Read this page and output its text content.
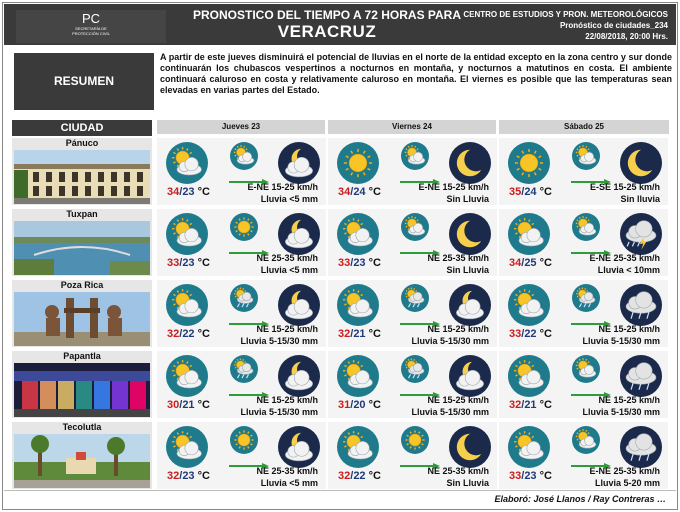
PC
SECRETARÍA DE
PROTECCIÓN CIVIL
PRONOSTICO DEL TIEMPO A 72 HORAS PARA
VERACRUZ
CENTRO DE ESTUDIOS Y PRON. METEOROLÓGICOS
Pronóstico de ciudades_234
22/08/2018, 20:00 Hrs.
RESUMEN
A partir de este jueves disminuirá el potencial de lluvias en el norte de la entidad excepto en la zona centro y sur donde continuarán los chubascos vespertinos a nocturnos en montaña, y nocturnos a matutinos en costa. El ambiente continuará caluroso en costa y relativamente caluroso en montaña. El viernes es posible que las temperaturas sean elevadas en varias partes del Estado.
CIUDAD	Jueves 23	Viernes 24	Sábado 25
Pánuco
34/23 °C	E-NE 15-25 km/h
Lluvia <5 mm
34/24 °C	E-NE 15-25 km/h
Sin Lluvia
35/24 °C	E-SE 15-25 km/h
Sin lluvia
Tuxpan
33/23 °C	NE 25-35 km/h
Lluvia <5 mm
33/23 °C	NE 25-35 km/h
Sin Lluvia
34/25 °C	E-NE 25-35 km/h
Lluvia < 10mm
Poza Rica
32/22 °C	NE 15-25 km/h
Lluvia 5-15/30 mm
32/21 °C	NE 15-25 km/h
Lluvia 5-15/30 mm
33/22 °C	NE 15-25 km/h
Lluvia 5-15/30 mm
Papantla
30/21 °C	NE 15-25 km/h
Lluvia 5-15/30 mm
31/20 °C	NE 15-25 km/h
Lluvia 5-15/30 mm
32/21 °C	NE 15-25 km/h
Lluvia 5-15/30 mm
Tecolutla
32/23 °C	NE 25-35 km/h
Lluvia <5 mm
32/22 °C	NE 25-35 km/h
Sin Lluvia
33/23 °C	E-NE 25-35 km/h
Lluvia 5-20 mm
Elaboró: José Llanos / Ray Contreras …
